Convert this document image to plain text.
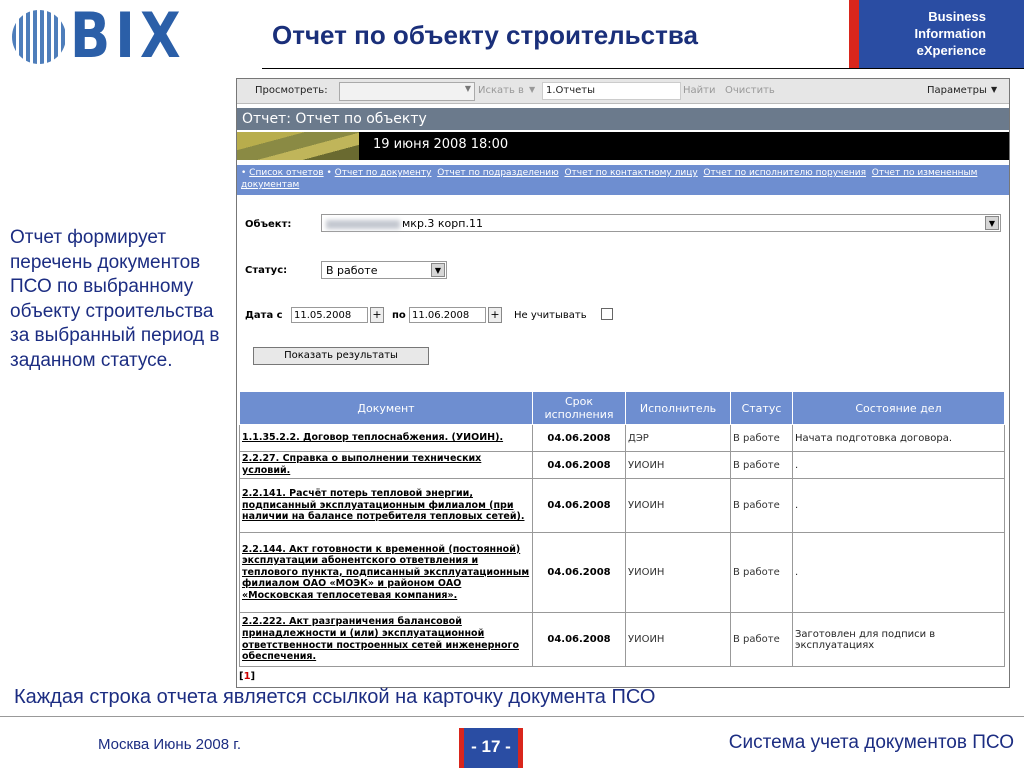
BIX	Отчет по объекту строительства
Business
Information
eXperience
Отчет формирует перечень документов ПСО по выбранному объекту строительства за выбранный период в заданном статусе.
Просмотреть:	▼ Искать в ▼	1.Отчеты	Найти Очистить	Параметры ▼
Отчет: Отчет по объекту
19 июня 2008 18:00
• Список отчетов • Отчет по документу Отчет по подразделению Отчет по контактному лицу Отчет по исполнителю поручения Отчет по измененным документам
Объект:	мкр.3 корп.11	▼
Статус:	В работе	▼
Дата с	11.05.2008	+ по 11.06.2008	+ Не учитывать
Показать результаты
Документ	Срок исполнения	Исполнитель	Статус	Состояние дел
1.1.35.2.2. Договор теплоснабжения. (УИОИН).	04.06.2008	ДЭР	В работе	Начата подготовка договора.
2.2.27. Справка о выполнении технических условий.	04.06.2008	УИОИН	В работе	.
2.2.141. Расчёт потерь тепловой энергии, подписанный эксплуатационным филиалом (при наличии на балансе потребителя тепловых сетей).	04.06.2008	УИОИН	В работе	.
2.2.144. Акт готовности к временной (постоянной) эксплуатации абонентского ответвления и теплового пункта, подписанный эксплуатационным филиалом ОАО «МОЭК» и районом ОАО «Московская теплосетевая компания».	04.06.2008	УИОИН	В работе	.
2.2.222. Акт разграничения балансовой принадлежности и (или) эксплуатационной ответственности построенных сетей инженерного обеспечения.	04.06.2008	УИОИН	В работе	Заготовлен для подписи в эксплуатациях
[1]
Каждая строка отчета является ссылкой на карточку документа ПСО
Москва Июнь 2008 г.	- 17 -	Система учета документов ПСО
